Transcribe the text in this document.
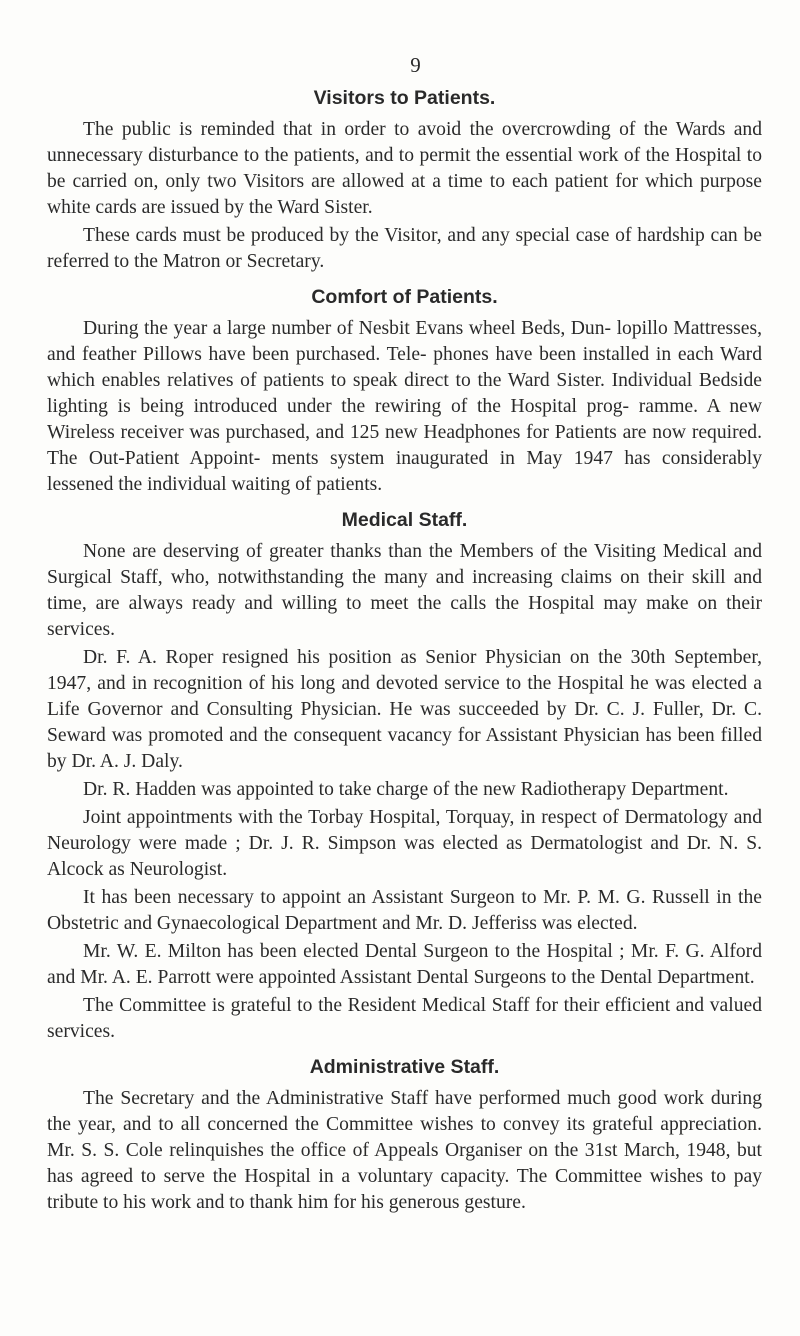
9
Visitors to Patients.

The public is reminded that in order to avoid the overcrowding of the Wards and unnecessary disturbance to the patients, and to permit the essential work of the Hospital to be carried on, only two Visitors are allowed at a time to each patient for which purpose white cards are issued by the Ward Sister.

These cards must be produced by the Visitor, and any special case of hardship can be referred to the Matron or Secretary.

Comfort of Patients.

During the year a large number of Nesbit Evans wheel Beds, Dun- lopillo Mattresses, and feather Pillows have been purchased. Tele- phones have been installed in each Ward which enables relatives of patients to speak direct to the Ward Sister. Individual Bedside lighting is being introduced under the rewiring of the Hospital prog- ramme. A new Wireless receiver was purchased, and 125 new Headphones for Patients are now required. The Out-Patient Appoint- ments system inaugurated in May 1947 has considerably lessened the individual waiting of patients.

Medical Staff.

None are deserving of greater thanks than the Members of the Visiting Medical and Surgical Staff, who, notwithstanding the many and increasing claims on their skill and time, are always ready and willing to meet the calls the Hospital may make on their services.

Dr. F. A. Roper resigned his position as Senior Physician on the 30th September, 1947, and in recognition of his long and devoted service to the Hospital he was elected a Life Governor and Consulting Physician. He was succeeded by Dr. C. J. Fuller, Dr. C. Seward was promoted and the consequent vacancy for Assistant Physician has been filled by Dr. A. J. Daly.

Dr. R. Hadden was appointed to take charge of the new Radiotherapy Department.

Joint appointments with the Torbay Hospital, Torquay, in respect of Dermatology and Neurology were made ; Dr. J. R. Simpson was elected as Dermatologist and Dr. N. S. Alcock as Neurologist.

It has been necessary to appoint an Assistant Surgeon to Mr. P. M. G. Russell in the Obstetric and Gynaecological Department and Mr. D. Jefferiss was elected.

Mr. W. E. Milton has been elected Dental Surgeon to the Hospital ; Mr. F. G. Alford and Mr. A. E. Parrott were appointed Assistant Dental Surgeons to the Dental Department.

The Committee is grateful to the Resident Medical Staff for their efficient and valued services.

Administrative Staff.

The Secretary and the Administrative Staff have performed much good work during the year, and to all concerned the Committee wishes to convey its grateful appreciation. Mr. S. S. Cole relinquishes the office of Appeals Organiser on the 31st March, 1948, but has agreed to serve the Hospital in a voluntary capacity. The Committee wishes to pay tribute to his work and to thank him for his generous gesture.
